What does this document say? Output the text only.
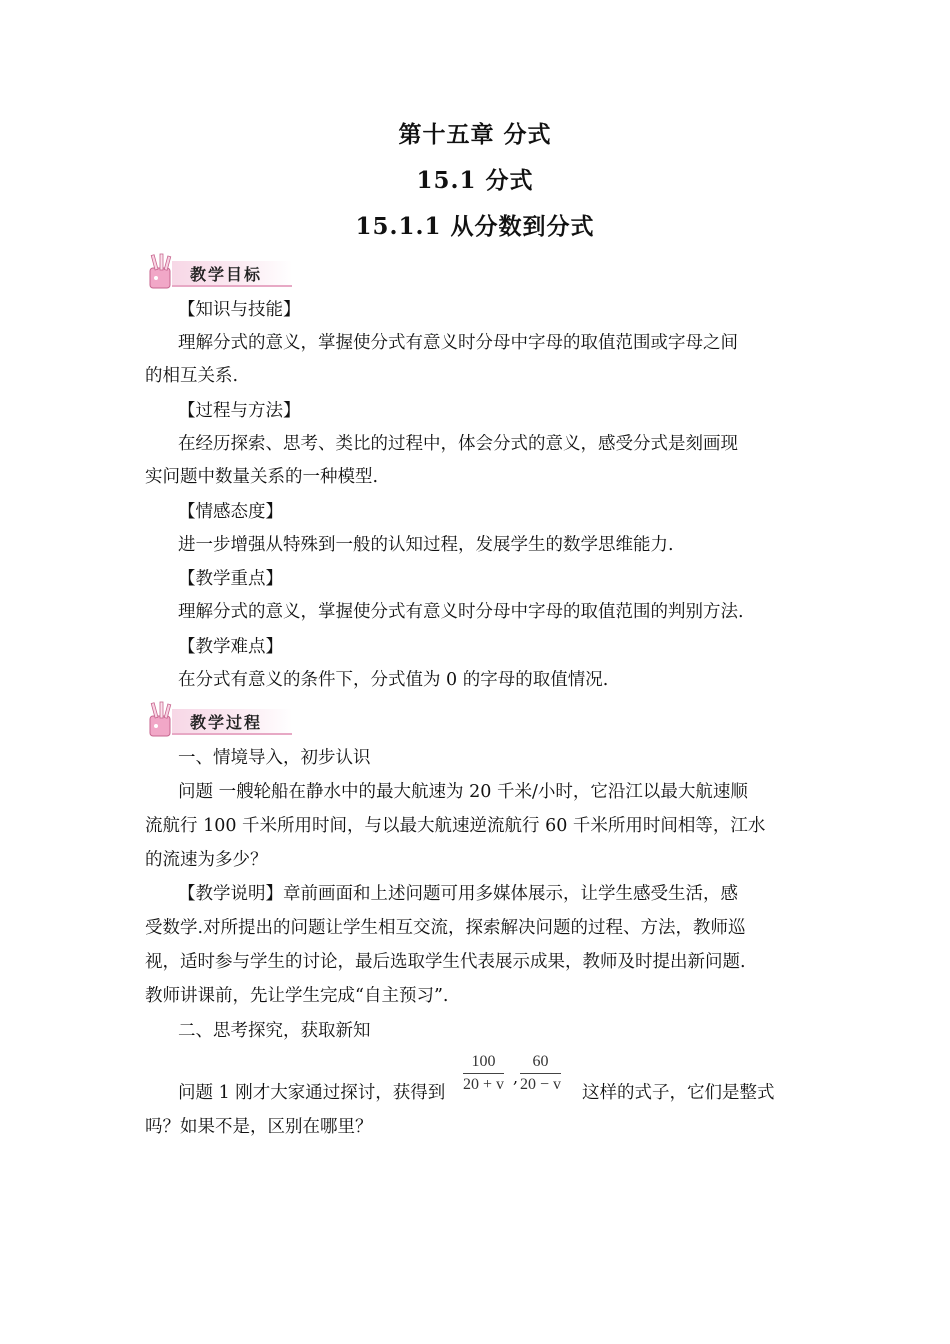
第十五章 分式
15.1 分式
15.1.1 从分数到分式
教学目标
【知识与技能】
理解分式的意义，掌握使分式有意义时分母中字母的取值范围或字母之间
的相互关系.
【过程与方法】
在经历探索、思考、类比的过程中，体会分式的意义，感受分式是刻画现
实问题中数量关系的一种模型.
【情感态度】
进一步增强从特殊到一般的认知过程，发展学生的数学思维能力.
【教学重点】
理解分式的意义，掌握使分式有意义时分母中字母的取值范围的判别方法.
【教学难点】
在分式有意义的条件下，分式值为 0 的字母的取值情况.
教学过程
一、情境导入，初步认识
问题 一艘轮船在静水中的最大航速为 20 千米/小时，它沿江以最大航速顺
流航行 100 千米所用时间，与以最大航速逆流航行 60 千米所用时间相等，江水
的流速为多少？
【教学说明】章前画面和上述问题可用多媒体展示，让学生感受生活，感
受数学.对所提出的问题让学生相互交流，探索解决问题的过程、方法，教师巡
视，适时参与学生的讨论，最后选取学生代表展示成果，教师及时提出新问题.
教师讲课前，先让学生完成“自主预习”.
二、思考探究，获取新知
问题 1 刚才大家通过探讨，获得到	$\frac{100}{20 + v}$ , $\frac{60}{20 - v}$ 这样的式子，它们是整式
吗？如果不是，区别在哪里？
